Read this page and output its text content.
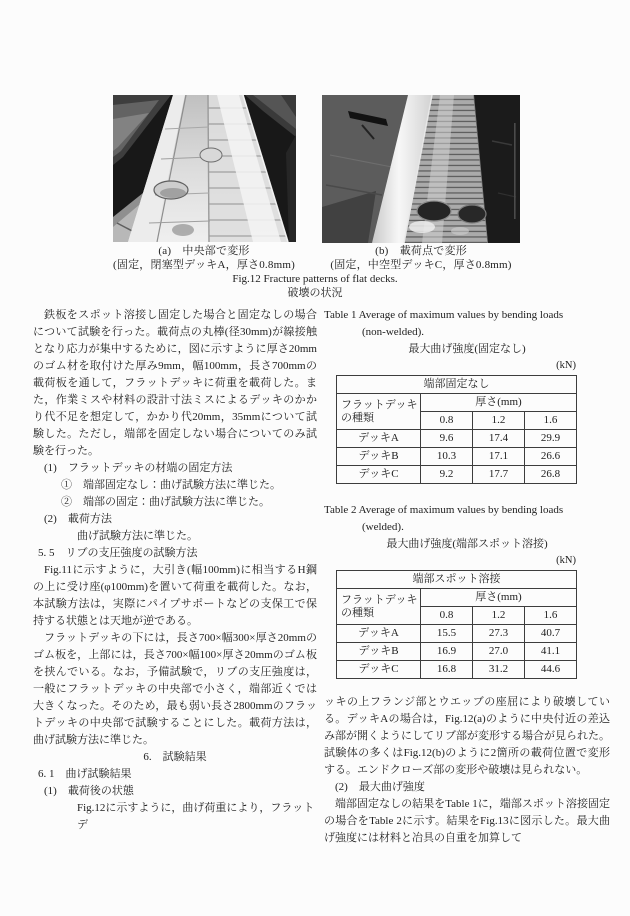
(a)　中央部で変形
(固定，閉塞型デッキA，厚さ0.8mm)
(b)　載荷点で変形
(固定，中空型デッキC，厚さ0.8mm)
Fig.12 Fracture patterns of flat decks.
破壊の状況

鉄板をスポット溶接し固定した場合と固定なしの場合について試験を行った。載荷点の丸棒(径30mm)が線接触となり応力が集中するために，図に示すように厚さ20mmのゴム材を取付けた厚み9mm，幅100mm，長さ700mmの載荷板を通して，フラットデッキに荷重を載荷した。また，作業ミスや材料の設計寸法ミスによるデッキのかかり代不足を想定して，かかり代20mm，35mmについて試験した。ただし，端部を固定しない場合についてのみ試験を行った。

(1)　フラットデッキの材端の固定方法

①　端部固定なし：曲げ試験方法に準じた。

②　端部の固定：曲げ試験方法に準じた。

(2)　載荷方法

曲げ試験方法に準じた。

5. 5　リブの支圧強度の試験方法

Fig.11に示すように，大引き(幅100mm)に相当するH鋼の上に受け座(φ100mm)を置いて荷重を載荷した。なお，本試験方法は，実際にパイプサポートなどの支保工で保持する状態とは天地が逆である。

フラットデッキの下には，長さ700×幅300×厚さ20mmのゴム板を，上部には，長さ700×幅100×厚さ20mmのゴム板を挟んでいる。なお，予備試験で，リブの支圧強度は，一般にフラットデッキの中央部で小さく，端部近くでは大きくなった。そのため，最も弱い長さ2800mmのフラットデッキの中央部で試験することにした。載荷方法は，曲げ試験方法に準じた。

6.　試験結果

6. 1　曲げ試験結果

(1)　載荷後の状態

Fig.12に示すように，曲げ荷重により，フラットデ

Table 1 Average of maximum values by bending loads
(non-welded).
最大曲げ強度(固定なし)
(kN)
端部固定なし			
フラットデッキ
の種類	厚さ(mm)		
	0.8	1.2	1.6
デッキA	9.6	17.4	29.9
デッキB	10.3	17.1	26.6
デッキC	9.2	17.7	26.8
Table 2 Average of maximum values by bending loads
(welded).
最大曲げ強度(端部スポット溶接)
(kN)
端部スポット溶接			
フラットデッキ
の種類	厚さ(mm)		
	0.8	1.2	1.6
デッキA	15.5	27.3	40.7
デッキB	16.9	27.0	41.1
デッキC	16.8	31.2	44.6

ッキの上フランジ部とウエッブの座屈により破壊している。デッキAの場合は，Fig.12(a)のように中央付近の差込み部が開くようにしてリブ部が変形する場合が見られた。試験体の多くはFig.12(b)のように2箇所の載荷位置で変形する。エンドクローズ部の変形や破壊は見られない。

(2)　最大曲げ強度

端部固定なしの結果をTable 1に，端部スポット溶接固定の場合をTable 2に示す。結果をFig.13に図示した。最大曲げ強度には材料と冶具の自重を加算して
